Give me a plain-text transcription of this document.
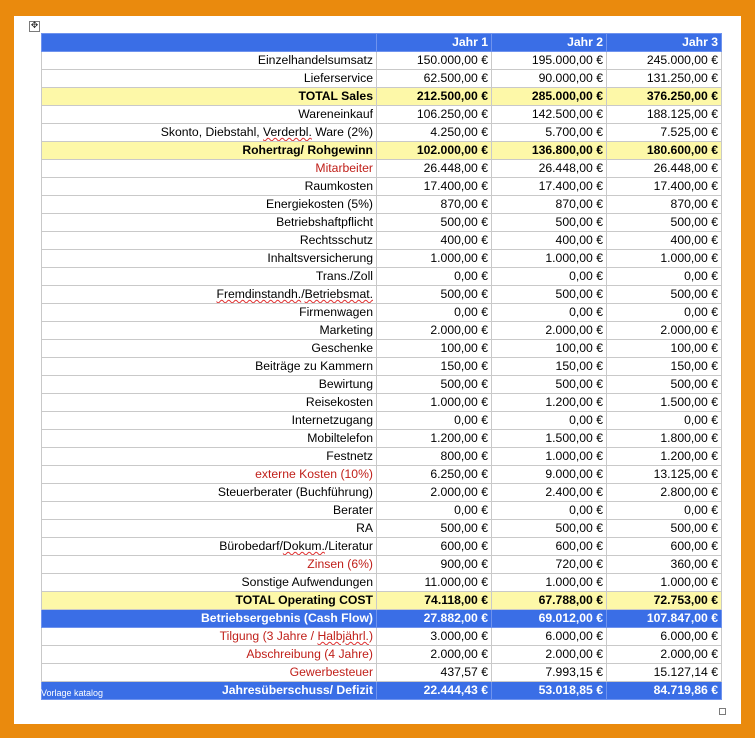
✥
	Jahr 1	Jahr 2	Jahr 3
Einzelhandelsumsatz	150.000,00 €	195.000,00 €	245.000,00 €
Lieferservice	62.500,00 €	90.000,00 €	131.250,00 €
TOTAL Sales	212.500,00 €	285.000,00 €	376.250,00 €
Wareneinkauf	106.250,00 €	142.500,00 €	188.125,00 €
Skonto, Diebstahl, Verderbl. Ware (2%)	4.250,00 €	5.700,00 €	7.525,00 €
Rohertrag/ Rohgewinn	102.000,00 €	136.800,00 €	180.600,00 €
Mitarbeiter	26.448,00 €	26.448,00 €	26.448,00 €
Raumkosten	17.400,00 €	17.400,00 €	17.400,00 €
Energiekosten (5%)	870,00 €	870,00 €	870,00 €
Betriebshaftpflicht	500,00 €	500,00 €	500,00 €
Rechtsschutz	400,00 €	400,00 €	400,00 €
Inhaltsversicherung	1.000,00 €	1.000,00 €	1.000,00 €
Trans./Zoll	0,00 €	0,00 €	0,00 €
Fremdinstandh./Betriebsmat.	500,00 €	500,00 €	500,00 €
Firmenwagen	0,00 €	0,00 €	0,00 €
Marketing	2.000,00 €	2.000,00 €	2.000,00 €
Geschenke	100,00 €	100,00 €	100,00 €
Beiträge zu Kammern	150,00 €	150,00 €	150,00 €
Bewirtung	500,00 €	500,00 €	500,00 €
Reisekosten	1.000,00 €	1.200,00 €	1.500,00 €
Internetzugang	0,00 €	0,00 €	0,00 €
Mobiltelefon	1.200,00 €	1.500,00 €	1.800,00 €
Festnetz	800,00 €	1.000,00 €	1.200,00 €
externe Kosten (10%)	6.250,00 €	9.000,00 €	13.125,00 €
Steuerberater (Buchführung)	2.000,00 €	2.400,00 €	2.800,00 €
Berater	0,00 €	0,00 €	0,00 €
RA	500,00 €	500,00 €	500,00 €
Bürobedarf/Dokum./Literatur	600,00 €	600,00 €	600,00 €
Zinsen (6%)	900,00 €	720,00 €	360,00 €
Sonstige Aufwendungen	11.000,00 €	1.000,00 €	1.000,00 €
TOTAL Operating COST	74.118,00 €	67.788,00 €	72.753,00 €
Betriebsergebnis (Cash Flow)	27.882,00 €	69.012,00 €	107.847,00 €
Tilgung (3 Jahre / Halbjährl.)	3.000,00 €	6.000,00 €	6.000,00 €
Abschreibung (4 Jahre)	2.000,00 €	2.000,00 €	2.000,00 €
Gewerbesteuer	437,57 €	7.993,15 €	15.127,14 €
Jahresüberschuss/ Defizit	22.444,43 €	53.018,85 €	84.719,86 €
Vorlage katalog
